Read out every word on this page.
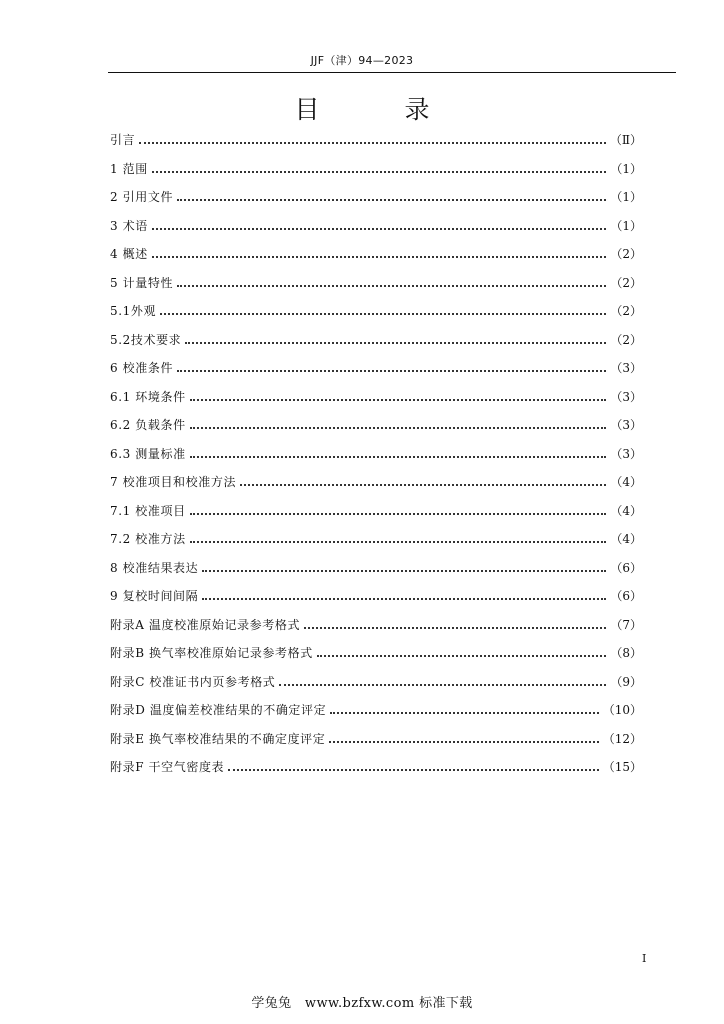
JJF（津）94—2023
目　录
引言	（Ⅱ）
1 范围	（1）
2 引用文件	（1）
3 术语	（1）
4 概述	（2）
5 计量特性	（2）
5.1外观	（2）
5.2技术要求	（2）
6 校准条件	（3）
6.1 环境条件	（3）
6.2 负载条件	（3）
6.3 测量标准	（3）
7 校准项目和校准方法	（4）
7.1 校准项目	（4）
7.2 校准方法	（4）
8 校准结果表达	（6）
9 复校时间间隔	（6）
附录A 温度校准原始记录参考格式	（7）
附录B 换气率校准原始记录参考格式	（8）
附录C 校准证书内页参考格式	（9）
附录D 温度偏差校准结果的不确定评定	（10）
附录E 换气率校准结果的不确定度评定	（12）
附录F 干空气密度表	（15）
I
学兔兔　www.bzfxw.com 标准下载
